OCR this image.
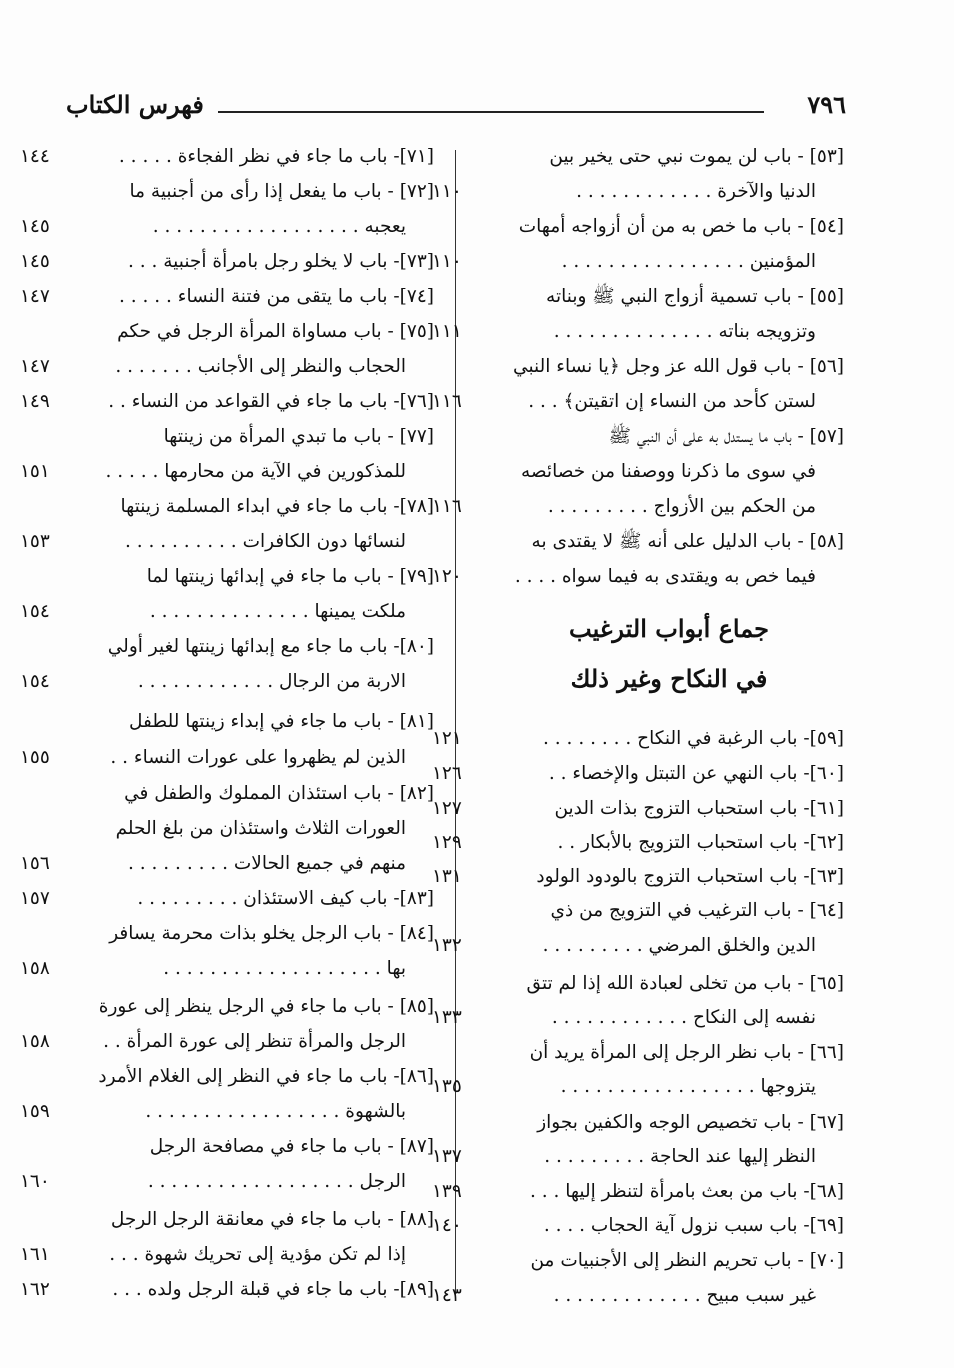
٧٩٦
فهرس الكتاب
[٥٣] - باب لن يموت نبي حتى يخير بين
الدنيا والآخرة . . . . . . . . . . . .
١١٠
[٥٤] - باب ما خص به من أن أزواجه أمهات
المؤمنين . . . . . . . . . . . . . . . .
١١٠
[٥٥] - باب تسمية أزواج النبي ﷺ وبناته
وتزويجه بناته . . . . . . . . . . . . . .
١١١
[٥٦] - باب قول الله عز وجل ﴿يا نساء النبي
لستن كأحد من النساء إن اتقيتن﴾ . . .
١١٦
[٥٧] - باب ما يستدل به على أن النبي ﷺ
في سوى ما ذكرنا ووصفنا من خصائصه
من الحكم بين الأزواج . . . . . . . . .
١١٦
[٥٨] - باب الدليل على أنه ﷺ لا يقتدى به
فيما خص به ويقتدى به فيما سواه . . . .
١٢٠
[٥٩]- باب الرغبة في النكاح . . . . . . . .
١٢١
[٦٠]- باب النهي عن التبتل والإخصاء . .
١٢٦
[٦١]- باب استحباب التزوج بذات الدين
١٢٧
[٦٢]- باب استحباب التزويج بالأبكار . .
١٢٩
[٦٣]- باب استحباب التزوج بالودود الولود
١٣١
[٦٤] - باب الترغيب في التزويج من ذي
الدين والخلق المرضي . . . . . . . . .
١٣٢
[٦٥] - باب من تخلى لعبادة الله إذا لم تتق
نفسه إلى النكاح . . . . . . . . . . . .
١٣٣
[٦٦] - باب نظر الرجل إلى المرأة يريد أن
يتزوجها . . . . . . . . . . . . . . . . .
١٣٥
[٦٧] - باب تخصيص الوجه والكفين بجواز
النظر إليها عند الحاجة . . . . . . . . .
١٣٧
[٦٨]- باب من بعث بامرأة لتنظر إليها . . .
١٣٩
[٦٩]- باب سبب نزول آية الحجاب . . . .
١٤٠
[٧٠] - باب تحريم النظر إلى الأجنبيات من
غير سبب مبيح . . . . . . . . . . . . .
١٤٣
جماع أبواب الترغيب
في النكاح وغير ذلك
[٧١]- باب ما جاء في نظر الفجاءة . . . . .
١٤٤
[٧٢] - باب ما يفعل إذا رأى من أجنبية ما
يعجبه . . . . . . . . . . . . . . . . . .
١٤٥
[٧٣]- باب لا يخلو رجل بامرأة أجنبية . . .
١٤٥
[٧٤]- باب ما يتقى من فتنة النساء . . . . .
١٤٧
[٧٥] - باب مساواة المرأة الرجل في حكم
الحجاب والنظر إلى الأجانب . . . . . . .
١٤٧
[٧٦]- باب ما جاء في القواعد من النساء . .
١٤٩
[٧٧] - باب ما تبدي المرأة من زينتها
للمذكورين في الآية من محارمها . . . . .
١٥١
[٧٨]- باب ما جاء في ابداء المسلمة زينتها
لنسائها دون الكافرات . . . . . . . . . .
١٥٣
[٧٩] - باب ما جاء في إبدائها زينتها لما
ملكت يمينها . . . . . . . . . . . . . .
١٥٤
[٨٠]- باب ما جاء مع إبدائها زينتها لغير أولي
الاربة من الرجال . . . . . . . . . . . .
١٥٤
[٨١] - باب ما جاء في إبداء زينتها للطفل
الذين لم يظهروا على عورات النساء . .
١٥٥
[٨٢] - باب استئذان المملوك والطفل في
العورات الثلاث واستئذان من بلغ الحلم
منهم في جميع الحالات . . . . . . . . .
١٥٦
[٨٣]- باب كيف الاستئذان . . . . . . . . .
١٥٧
[٨٤] - باب الرجل يخلو بذات محرمة يسافر
بها . . . . . . . . . . . . . . . . . . .
١٥٨
[٨٥] - باب ما جاء في الرجل ينظر إلى عورة
الرجل والمرأة تنظر إلى عورة المرأة . .
١٥٨
[٨٦]- باب ما جاء في النظر إلى الغلام الأمرد
بالشهوة . . . . . . . . . . . . . . . . .
١٥٩
[٨٧] - باب ما جاء في مصافحة الرجل
الرجل . . . . . . . . . . . . . . . . . .
١٦٠
[٨٨] - باب ما جاء في معانقة الرجل الرجل
إذا لم تكن مؤدية إلى تحريك شهوة . . .
١٦١
[٨٩]- باب ما جاء في قبلة الرجل ولده . . .
١٦٢
